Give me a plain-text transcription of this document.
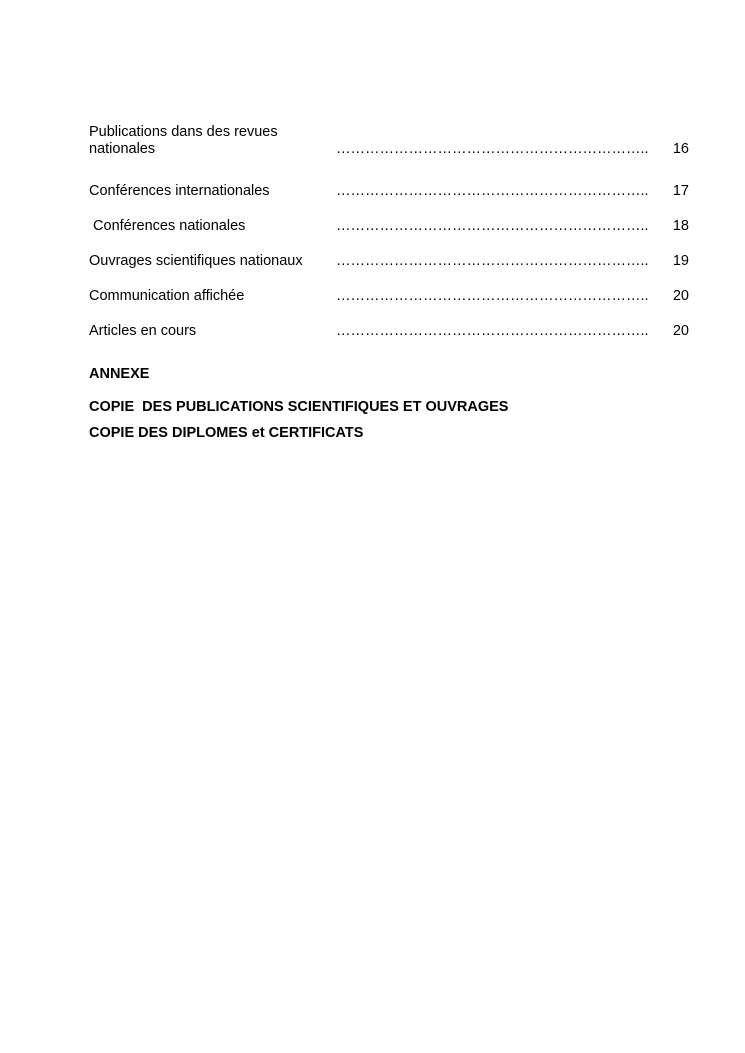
Publications dans des revues
nationales	………………………………………………………..	16
Conférences internationales	………………………………………………………..	17
Conférences nationales	………………………………………………………..	18
Ouvrages scientifiques nationaux	………………………………………………………..	19
Communication affichée	………………………………………………………..	20
Articles en cours	………………………………………………………..	20
ANNEXE
COPIE  DES PUBLICATIONS SCIENTIFIQUES ET OUVRAGES
COPIE DES DIPLOMES et CERTIFICATS
